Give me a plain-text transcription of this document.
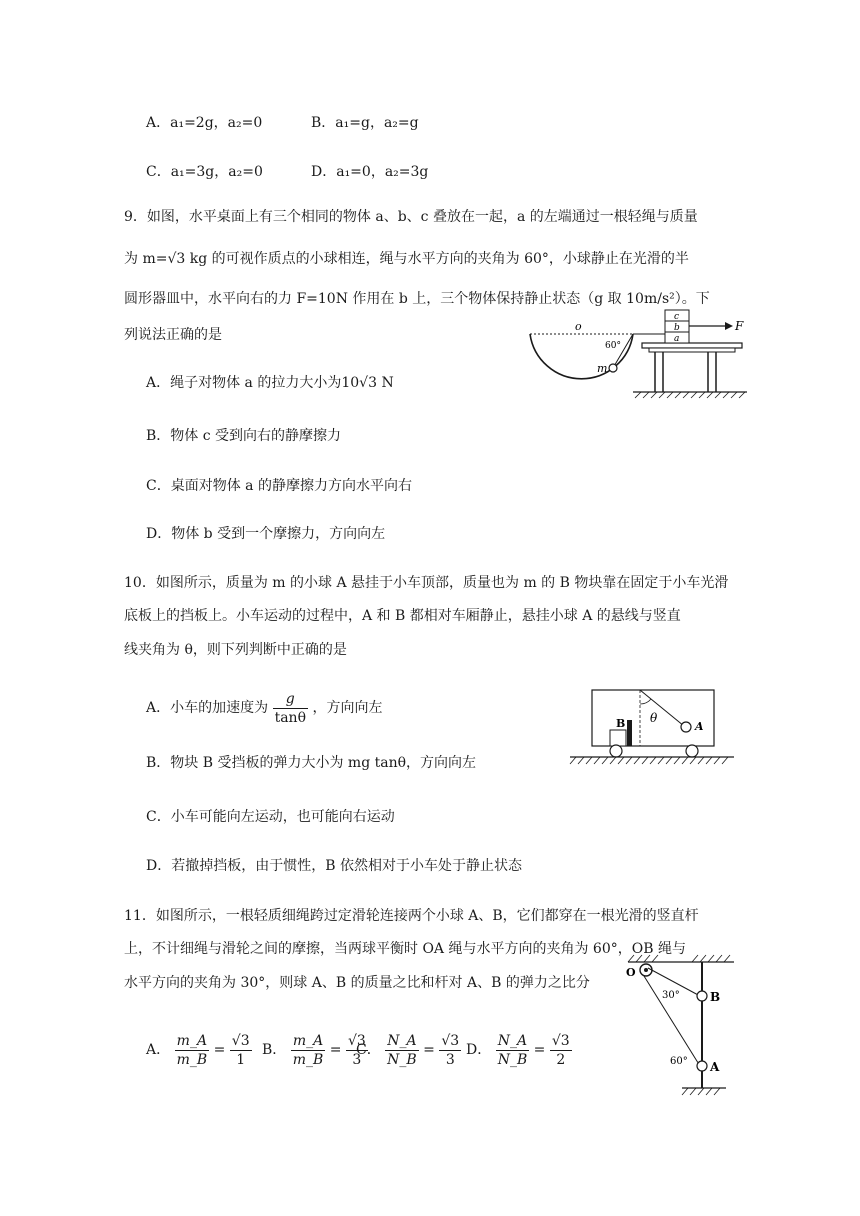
A．a₁=2g，a₂=0	B．a₁=g，a₂=g
C．a₁=3g，a₂=0	D．a₁=0，a₂=3g
9．如图，水平桌面上有三个相同的物体 a、b、c 叠放在一起，a 的左端通过一根轻绳与质量
为 m=√3 kg 的可视作质点的小球相连，绳与水平方向的夹角为 60°，小球静止在光滑的半
圆形器皿中，水平向右的力 F=10N 作用在 b 上，三个物体保持静止状态（g 取 10m/s²）。下
列说法正确的是
o
60°
m
c
b
a
F
A．绳子对物体 a 的拉力大小为10√3 N
B．物体 c 受到向右的静摩擦力
C．桌面对物体 a 的静摩擦力方向水平向右
D．物体 b 受到一个摩擦力，方向向左
10．如图所示，质量为 m 的小球 A 悬挂于小车顶部，质量也为 m 的 B 物块靠在固定于小车光滑
底板上的挡板上。小车运动的过程中，A 和 B 都相对车厢静止，悬挂小球 A 的悬线与竖直
线夹角为 θ，则下列判断中正确的是
A．小车的加速度为 $\frac{g}{\tan\theta}$ ，方向向左
B．物块 B 受挡板的弹力大小为 mg tanθ，方向向左
C．小车可能向左运动，也可能向右运动
D．若撤掉挡板，由于惯性，B 依然相对于小车处于静止状态
θ
A
B
11．如图所示，一根轻质细绳跨过定滑轮连接两个小球 A、B，它们都穿在一根光滑的竖直杆
上，不计细绳与滑轮之间的摩擦，当两球平衡时 OA 绳与水平方向的夹角为 60°，OB 绳与
水平方向的夹角为 30°，则球 A、B 的质量之比和杆对 A、B 的弹力之比分
A． $\frac{m\_A}{m\_B} = \frac{√3}{1}$ B． $\frac{m\_A}{m\_B} = \frac{√3}{3}$
C． $\frac{N\_A}{N\_B} = \frac{√3}{3}$ D． $\frac{N\_A}{N\_B} = \frac{√3}{2}$
O
B
A
30°
60°
